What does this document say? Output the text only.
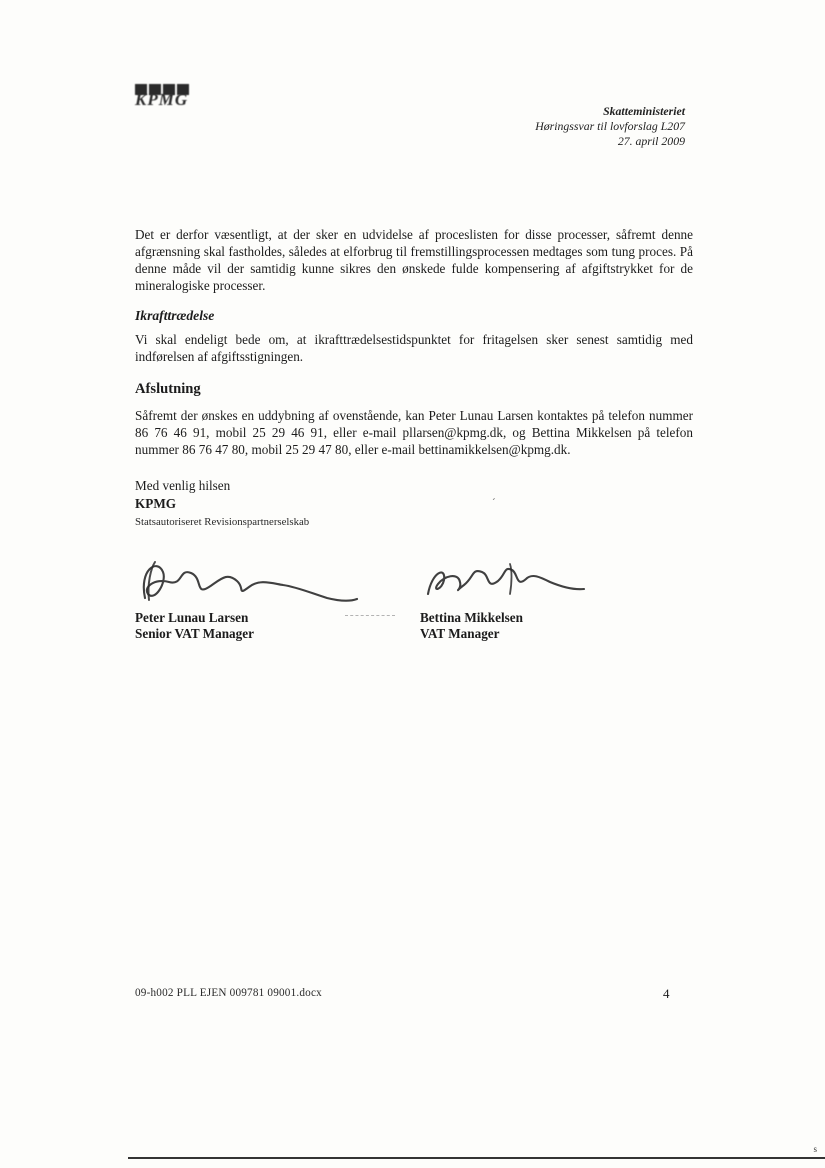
KPMG
Skatteministeriet
Høringssvar til lovforslag L207
27. april 2009

Det er derfor væsentligt, at der sker en udvidelse af proceslisten for disse processer, såfremt denne afgrænsning skal fastholdes, således at elforbrug til fremstillingsprocessen medtages som tung proces. På denne måde vil der samtidig kunne sikres den ønskede fulde kompensering af afgiftstrykket for de mineralogiske processer.

Ikrafttrædelse

Vi skal endeligt bede om, at ikrafttrædelsestidspunktet for fritagelsen sker senest samtidig med indførelsen af afgiftsstigningen.

Afslutning

Såfremt der ønskes en uddybning af ovenstående, kan Peter Lunau Larsen kontaktes på telefon nummer 86 76 46 91, mobil 25 29 46 91, eller e-mail pllarsen@kpmg.dk, og Bettina Mikkelsen på telefon nummer 86 76 47 80, mobil 25 29 47 80, eller e-mail bettinamikkelsen@kpmg.dk.

Med venlig hilsen
KPMG
Statsautoriseret Revisionspartnerselskab
Peter Lunau Larsen
Senior VAT Manager
Bettina Mikkelsen
VAT Manager
´
s
09-h002 PLL EJEN 009781 09001.docx	4
